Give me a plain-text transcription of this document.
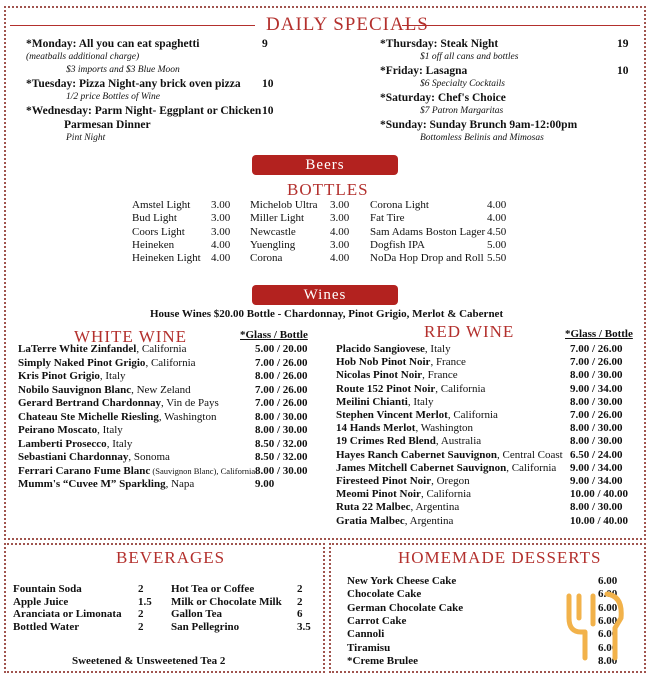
DAILY SPECIALS
*Monday: All you can eat spaghetti	9
(meatballs additional charge)
$3 imports and $3 Blue Moon
*Tuesday: Pizza Night-any brick oven pizza 10
1/2 price Bottles of Wine
*Wednesday: Parm Night- Eggplant or Chicken 10
Parmesan Dinner
Pint Night
*Thursday: Steak Night	19
$1 off all cans and bottles
*Friday: Lasagna	10
$6 Specialty Cocktails
*Saturday: Chef's Choice
$7 Patron Margaritas
*Sunday: Sunday Brunch 9am-12:00pm
Bottomless Belinis and Mimosas
Beers
BOTTLES
Amstel Light 3.00
Bud Light	3.00
Coors Light 3.00
Heineken	4.00
Heineken Light 4.00
Michelob Ultra 3.00
Miller Light 3.00
Newcastle	4.00
Yuengling	3.00
Corona	4.00
Corona Light	4.00
Fat Tire	4.00
Sam Adams Boston Lager 4.50
Dogfish IPA	5.00
NoDa Hop Drop and Roll 5.50
Wines
House Wines $20.00 Bottle - Chardonnay, Pinot Grigio, Merlot & Cabernet
WHITE WINE	*Glass / Bottle	RED WINE	*Glass / Bottle
LaTerre White Zinfandel, California	5.00 / 20.00
Simply Naked Pinot Grigio, California	7.00 / 26.00
Kris Pinot Grigio, Italy	8.00 / 26.00
Nobilo Sauvignon Blanc, New Zeland	7.00 / 26.00
Gerard Bertrand Chardonnay, Vin de Pays	7.00 / 26.00
Chateau Ste Michelle Riesling, Washington	8.00 / 30.00
Peirano Moscato, Italy	8.00 / 30.00
Lamberti Prosecco, Italy	8.50 / 32.00
Sebastiani Chardonnay, Sonoma	8.50 / 32.00
Ferrari Carano Fume Blanc (Sauvignon Blanc), California 8.00 / 30.00
Mumm's “Cuvee M” Sparkling, Napa	9.00
Placido Sangiovese, Italy	7.00 / 26.00
Hob Nob Pinot Noir, France	7.00 / 26.00
Nicolas Pinot Noir, France	8.00 / 30.00
Route 152 Pinot Noir, California	9.00 / 34.00
Meilini Chianti, Italy	8.00 / 30.00
Stephen Vincent Merlot, California	7.00 / 26.00
14 Hands Merlot, Washington	8.00 / 30.00
19 Crimes Red Blend, Australia	8.00 / 30.00
Hayes Ranch Cabernet Sauvignon, Central Coast 6.50 / 24.00
James Mitchell Cabernet Sauvignon, California 9.00 / 34.00
Firesteed Pinot Noir, Oregon	9.00 / 34.00
Meomi Pinot Noir, California	10.00 / 40.00
Ruta 22 Malbec, Argentina	8.00 / 30.00
Gratia Malbec, Argentina	10.00 / 40.00
BEVERAGES
Fountain Soda	2
Apple Juice	1.5
Aranciata or Limonata 2
Bottled Water	2
Hot Tea or Coffee	2
Milk or Chocolate Milk 2
Gallon Tea	6
San Pellegrino	3.5
Sweetened & Unsweetened Tea 2
HOMEMADE DESSERTS
New York Cheese Cake	6.00
Chocolate Cake	6.00
German Chocolate Cake	6.00
Carrot Cake	6.00
Cannoli	6.00
Tiramisu	6.00
*Creme Brulee	8.00
